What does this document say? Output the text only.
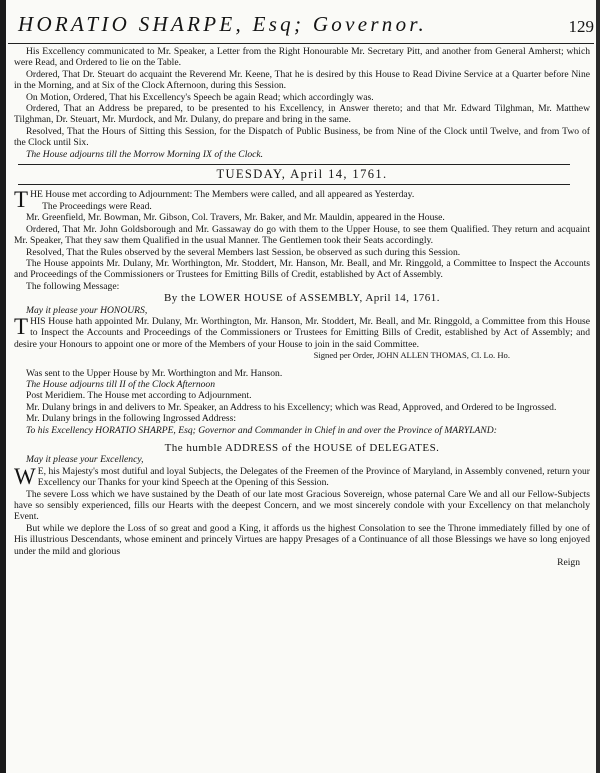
HORATIO SHARPE, Esq; Governor.	129

His Excellency communicated to Mr. Speaker, a Letter from the Right Honourable Mr. Secretary Pitt, and another from General Amherst; which were Read, and Ordered to lie on the Table.

Ordered, That Dr. Steuart do acquaint the Reverend Mr. Keene, That he is desired by this House to Read Divine Service at a Quarter before Nine in the Morning, and at Six of the Clock Afternoon, during this Session.

On Motion, Ordered, That his Excellency's Speech be again Read; which accordingly was.

Ordered, That an Address be prepared, to be presented to his Excellency, in Answer thereto; and that Mr. Edward Tilghman, Mr. Matthew Tilghman, Dr. Steuart, Mr. Murdock, and Mr. Dulany, do prepare and bring in the same.

Resolved, That the Hours of Sitting this Session, for the Dispatch of Public Business, be from Nine of the Clock until Twelve, and from Two of the Clock until Six.

The House adjourns till the Morrow Morning IX of the Clock.

TUESDAY, April 14, 1761.

T HE House met according to Adjournment: The Members were called, and all appeared as Yesterday.

The Proceedings were Read.

Mr. Greenfield, Mr. Bowman, Mr. Gibson, Col. Travers, Mr. Baker, and Mr. Mauldin, appeared in the House.

Ordered, That Mr. John Goldsborough and Mr. Gassaway do go with them to the Upper House, to see them Qualified. They return and acquaint Mr. Speaker, That they saw them Qualified in the usual Manner. The Gentlemen took their Seats accordingly.

Resolved, That the Rules observed by the several Members last Session, be observed as such during this Session.

The House appoints Mr. Dulany, Mr. Worthington, Mr. Stoddert, Mr. Hanson, Mr. Beall, and Mr. Ringgold, a Committee to Inspect the Accounts and Proceedings of the Commissioners or Trustees for Emitting Bills of Credit, established by Act of Assembly.

The following Message:

By the LOWER HOUSE of ASSEMBLY, April 14, 1761.

May it please your HONOURS,

T HIS House hath appointed Mr. Dulany, Mr. Worthington, Mr. Hanson, Mr. Stoddert, Mr. Beall, and Mr. Ringgold, a Committee from this House to Inspect the Accounts and Proceedings of the Commissioners or Trustees for Emitting Bills of Credit, established by Act of Assembly; and desire your Honours to appoint one or more of the Members of your House to join in the said Committee.

Signed per Order, JOHN ALLEN THOMAS, Cl. Lo. Ho.

Was sent to the Upper House by Mr. Worthington and Mr. Hanson.

The House adjourns till II of the Clock Afternoon

Post Meridiem. The House met according to Adjournment.

Mr. Dulany brings in and delivers to Mr. Speaker, an Address to his Excellency; which was Read, Approved, and Ordered to be Ingrossed.

Mr. Dulany brings in the following Ingrossed Address:

To his Excellency HORATIO SHARPE, Esq; Governor and Commander in Chief in and over the Province of MARYLAND:

The humble ADDRESS of the HOUSE of DELEGATES.

May it please your Excellency,

W E, his Majesty's most dutiful and loyal Subjects, the Delegates of the Freemen of the Province of Maryland, in Assembly convened, return your Excellency our Thanks for your kind Speech at the Opening of this Session.

The severe Loss which we have sustained by the Death of our late most Gracious Sovereign, whose paternal Care We and all our Fellow-Subjects have so sensibly experienced, fills our Hearts with the deepest Concern, and we most sincerely condole with your Excellency on that melancholy Event.

But while we deplore the Loss of so great and good a King, it affords us the highest Consolation to see the Throne immediately filled by one of His illustrious Descendants, whose eminent and princely Virtues are happy Presages of a Continuance of all those Blessings we have so long enjoyed under the mild and glorious

Reign
